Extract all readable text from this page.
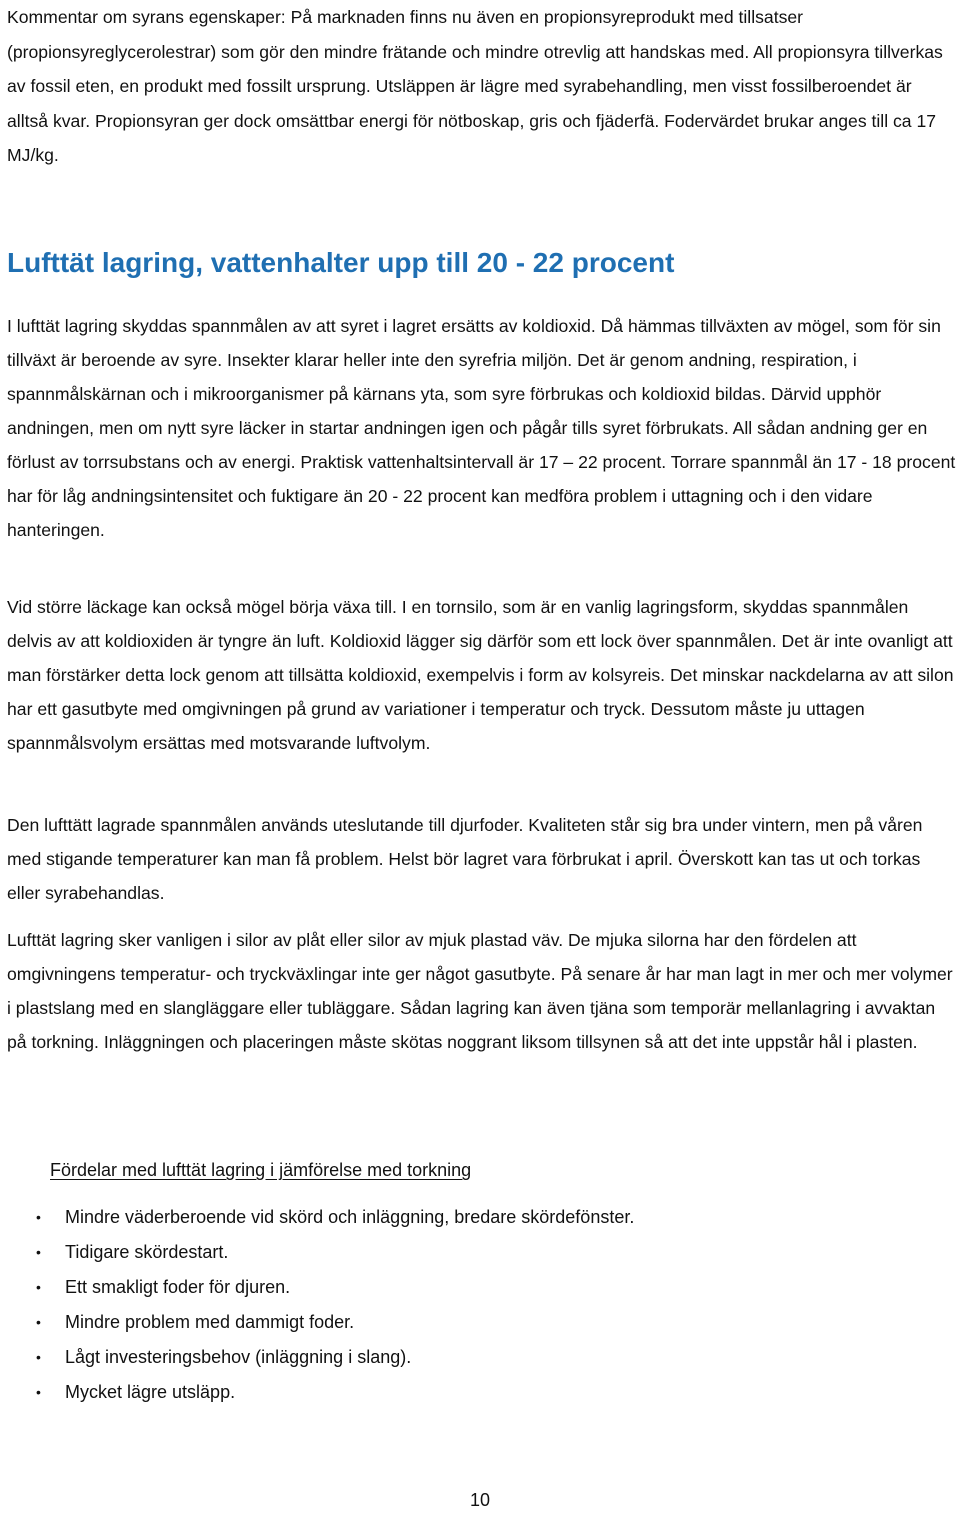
Kommentar om syrans egenskaper: På marknaden finns nu även en propionsyreprodukt med tillsatser (propionsyreglycerolestrar) som gör den mindre frätande och mindre otrevlig att handskas med. All propionsyra tillverkas av fossil eten, en produkt med fossilt ursprung. Utsläppen är lägre med syrabehandling, men visst fossilberoendet är alltså kvar. Propionsyran ger dock omsättbar energi för nötboskap, gris och fjäderfä. Fodervärdet brukar anges till ca 17 MJ/kg.

Lufttät lagring, vattenhalter upp till 20 - 22 procent

I lufttät lagring skyddas spannmålen av att syret i lagret ersätts av koldioxid. Då hämmas tillväxten av mögel, som för sin tillväxt är beroende av syre. Insekter klarar heller inte den syrefria miljön. Det är genom andning, respiration, i spannmålskärnan och i mikroorganismer på kärnans yta, som syre förbrukas och koldioxid bildas. Därvid upphör andningen, men om nytt syre läcker in startar andningen igen och pågår tills syret förbrukats. All sådan andning ger en förlust av torrsubstans och av energi. Praktisk vattenhaltsintervall är 17 – 22 procent. Torrare spannmål än 17 - 18 procent har för låg andningsintensitet och fuktigare än 20 - 22 procent kan medföra problem i uttagning och i den vidare hanteringen.

Vid större läckage kan också mögel börja växa till. I en tornsilo, som är en vanlig lagringsform, skyddas spannmålen delvis av att koldioxiden är tyngre än luft. Koldioxid lägger sig därför som ett lock över spannmålen. Det är inte ovanligt att man förstärker detta lock genom att tillsätta koldioxid, exempelvis i form av kolsyreis. Det minskar nackdelarna av att silon har ett gasutbyte med omgivningen på grund av variationer i temperatur och tryck. Dessutom måste ju uttagen spannmålsvolym ersättas med motsvarande luftvolym.

Den lufttätt lagrade spannmålen används uteslutande till djurfoder. Kvaliteten står sig bra under vintern, men på våren med stigande temperaturer kan man få problem. Helst bör lagret vara förbrukat i april. Överskott kan tas ut och torkas eller syrabehandlas.

Lufttät lagring sker vanligen i silor av plåt eller silor av mjuk plastad väv. De mjuka silorna har den fördelen att omgivningens temperatur- och tryckväxlingar inte ger något gasutbyte. På senare år har man lagt in mer och mer volymer i plastslang med en slangläggare eller tubläggare. Sådan lagring kan även tjäna som temporär mellanlagring i avvaktan på torkning. Inläggningen och placeringen måste skötas noggrant liksom tillsynen så att det inte uppstår hål i plasten.

Fördelar med lufttät lagring i jämförelse med torkning

• Mindre väderberoende vid skörd och inläggning, bredare skördefönster.
• Tidigare skördestart.
• Ett smakligt foder för djuren.
• Mindre problem med dammigt foder.
• Lågt investeringsbehov (inläggning i slang).
• Mycket lägre utsläpp.

10
